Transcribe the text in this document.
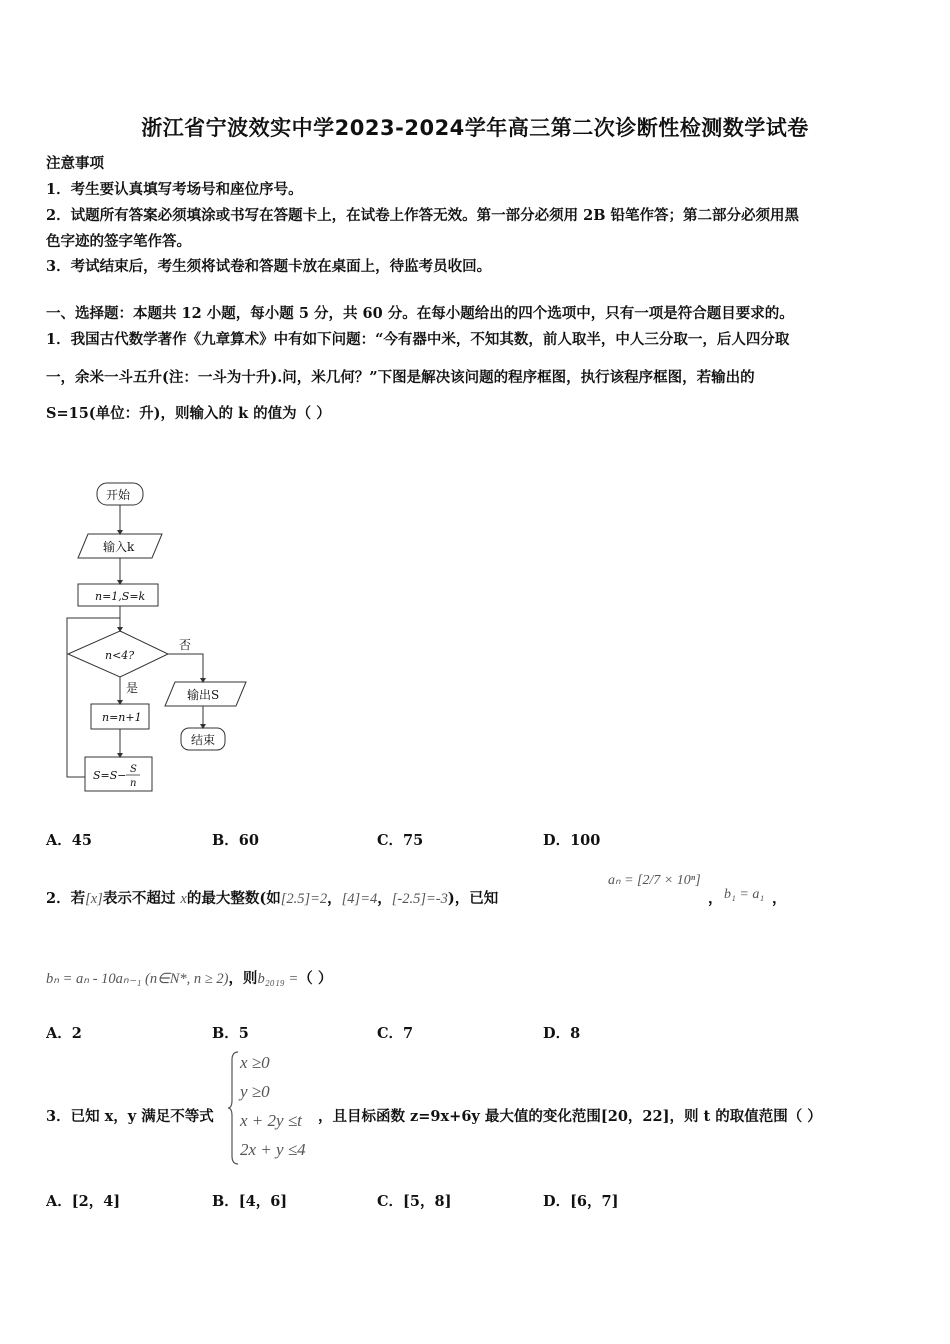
浙江省宁波效实中学2023-2024学年高三第二次诊断性检测数学试卷
注意事项
1．考生要认真填写考场号和座位序号。
2．试题所有答案必须填涂或书写在答题卡上，在试卷上作答无效。第一部分必须用 2B 铅笔作答；第二部分必须用黑
色字迹的签字笔作答。
3．考试结束后，考生须将试卷和答题卡放在桌面上，待监考员收回。
一、选择题：本题共 12 小题，每小题 5 分，共 60 分。在每小题给出的四个选项中，只有一项是符合题目要求的。
1．我国古代数学著作《九章算术》中有如下问题：“今有器中米，不知其数，前人取半，中人三分取一，后人四分取
一，余米一斗五升(注：一斗为十升).问，米几何？”下图是解决该问题的程序框图，执行该程序框图，若输出的
S=15(单位：升)，则输入的 k 的值为（ ）
开始
输入k
n=1,S=k
n<4?
否
是	输出S
结束
n=n+1
S=S− S
n
A．45	B．60	C．75	D．100
2．若[x]表示不超过 x的最大整数(如[2.5]=2，[4]=4，[-2.5]=-3)，已知
aₙ = [2/7 × 10ⁿ]
， b₁ = a₁ ，
bₙ = aₙ - 10aₙ₋₁ (n∈N*, n ≥ 2)，则b₂₀₁₉ =（ ）
A．2	B．5	C．7	D．8
3．已知 x，y 满足不等式
x ≥0
y ≥0
x + 2y ≤t
2x + y ≤4
，且目标函数 z=9x+6y 最大值的变化范围[20，22]，则 t 的取值范围（ ）
A．[2，4]	B．[4，6]	C．[5，8]	D．[6，7]
